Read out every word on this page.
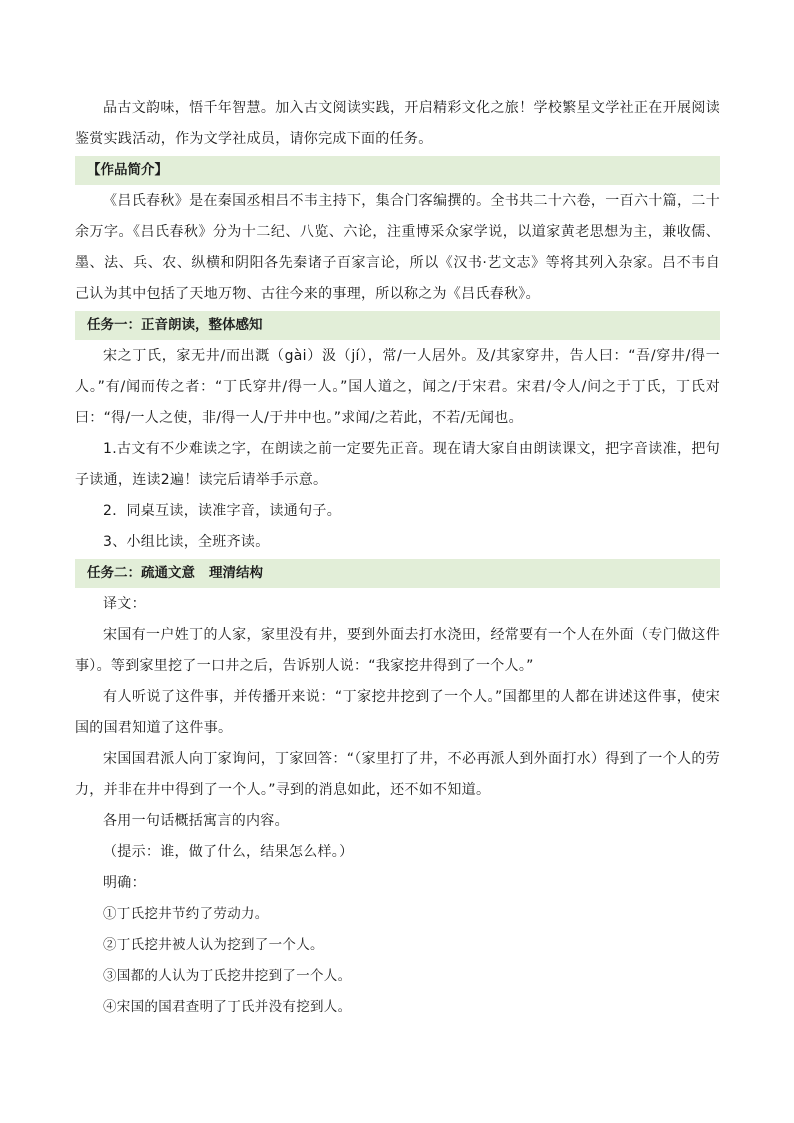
品古文韵味，悟千年智慧。加入古文阅读实践，开启精彩文化之旅！学校繁星文学社正在开展阅读鉴赏实践活动，作为文学社成员，请你完成下面的任务。

【作品简介】

《吕氏春秋》是在秦国丞相吕不韦主持下，集合门客编撰的。全书共二十六卷，一百六十篇，二十余万字。《吕氏春秋》分为十二纪、八览、六论，注重博采众家学说，以道家黄老思想为主，兼收儒、墨、法、兵、农、纵横和阴阳各先秦诸子百家言论，所以《汉书·艺文志》等将其列入杂家。吕不韦自己认为其中包括了天地万物、古往今来的事理，所以称之为《吕氏春秋》。

任务一：正音朗读，整体感知

宋之丁氏，家无井/而出溉（gài）汲（jí），常/一人居外。及/其家穿井，告人曰：“吾/穿井/得一人。”有/闻而传之者：“丁氏穿井/得一人。”国人道之，闻之/于宋君。宋君/令人/问之于丁氏，丁氏对曰：“得/一人之使，非/得一人/于井中也。”求闻/之若此，不若/无闻也。

1.古文有不少难读之字，在朗读之前一定要先正音。现在请大家自由朗读课文，把字音读准，把句子读通，连读2遍！读完后请举手示意。

2．同桌互读，读准字音，读通句子。

3、小组比读，全班齐读。

任务二：疏通文意 理清结构

译文：

宋国有一户姓丁的人家，家里没有井，要到外面去打水浇田，经常要有一个人在外面（专门做这件事）。等到家里挖了一口井之后，告诉别人说：“我家挖井得到了一个人。”

有人听说了这件事，并传播开来说：“丁家挖井挖到了一个人。”国都里的人都在讲述这件事，使宋国的国君知道了这件事。

宋国国君派人向丁家询问，丁家回答：“（家里打了井，不必再派人到外面打水）得到了一个人的劳力，并非在井中得到了一个人。”寻到的消息如此，还不如不知道。

各用一句话概括寓言的内容。

（提示：谁，做了什么，结果怎么样。）

明确：

①丁氏挖井节约了劳动力。

②丁氏挖井被人认为挖到了一个人。

③国都的人认为丁氏挖井挖到了一个人。

④宋国的国君查明了丁氏并没有挖到人。
